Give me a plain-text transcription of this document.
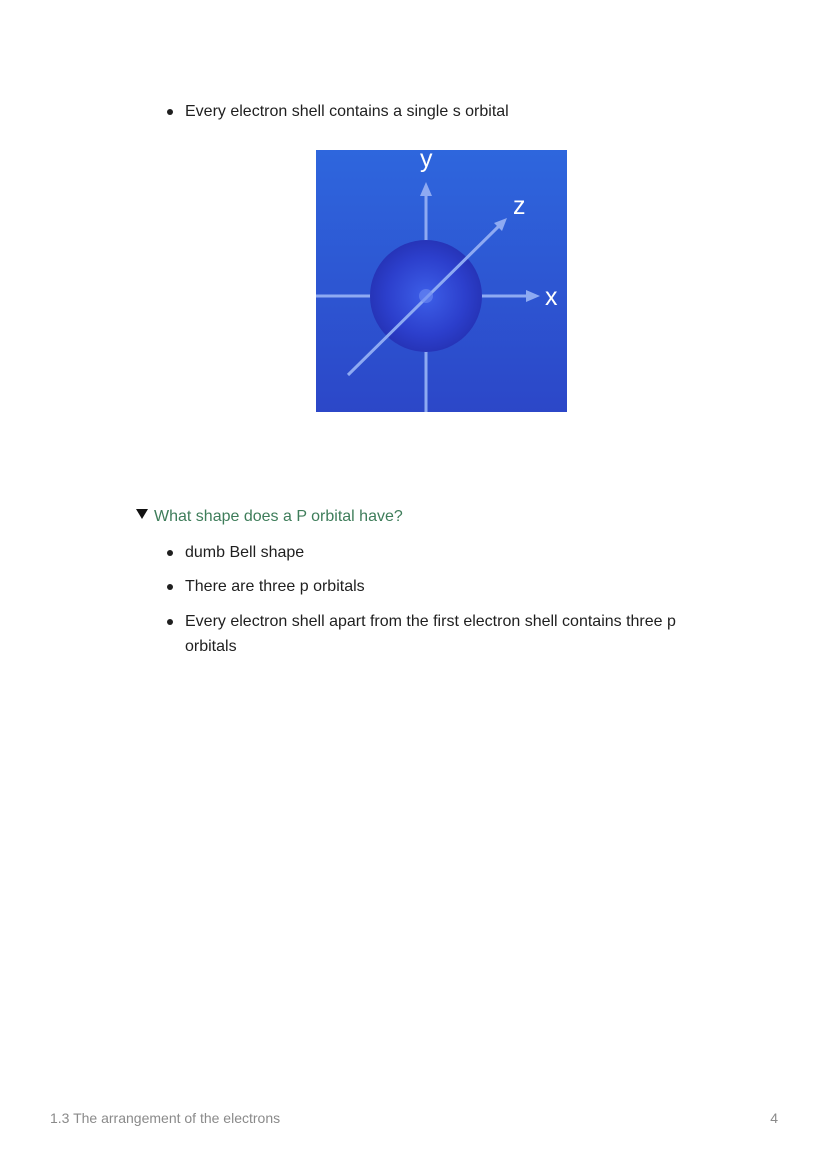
Every electron shell contains a single s orbital
y
z
x
What shape does a P orbital have?
dumb Bell shape
There are three p orbitals
Every electron shell apart from the first electron shell contains three p orbitals
1.3 The arrangement of the electrons	4
